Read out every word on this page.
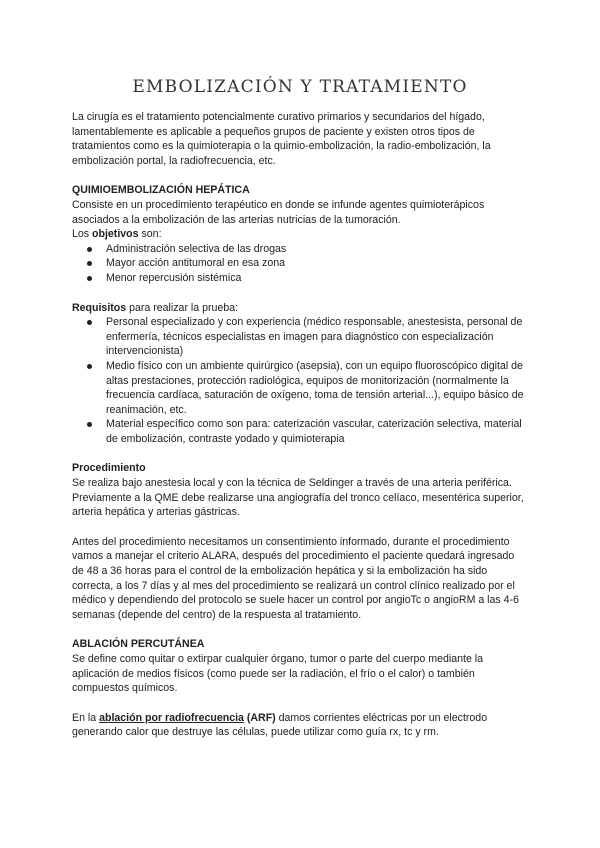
EMBOLIZACIÓN Y TRATAMIENTO

La cirugía es el tratamiento potencialmente curativo primarios y secundarios del hígado, lamentablemente es aplicable a pequeños grupos de paciente y existen otros tipos de tratamientos como es la quimioterapia o la quimio-embolización, la radio-embolización, la embolización portal, la radiofrecuencia, etc.

QUIMIOEMBOLIZACIÓN HEPÁTICA

Consiste en un procedimiento terapéutico en donde se infunde agentes quimioterápicos asociados a la embolización de las arterias nutricias de la tumoración.

Los objetivos son:

Administración selectiva de las drogas
Mayor acción antitumoral en esa zona
Menor repercusión sistémica

Requisitos para realizar la prueba:

Personal especializado y con experiencia (médico responsable, anestesista, personal de enfermería, técnicos especialistas en imagen para diagnóstico con especialización intervencionista)
Medio físico con un ambiente quirúrgico (asepsia), con un equipo fluoroscópico digital de altas prestaciones, protección radiológica, equipos de monitorización (normalmente la frecuencia cardíaca, saturación de oxígeno, toma de tensión arterial...), equipo básico de reanimación, etc.
Material específico como son para: caterización vascular, caterización selectiva, material de embolización, contraste yodado y quimioterapia

Procedimiento

Se realiza bajo anestesia local y con la técnica de Seldinger a través de una arteria periférica.

Previamente a la QME debe realizarse una angiografía del tronco celíaco, mesentérica superior, arteria hepática y arterias gástricas.

Antes del procedimiento necesitamos un consentimiento informado, durante el procedimiento vamos a manejar el criterio ALARA, después del procedimiento el paciente quedará ingresado de 48 a 36 horas para el control de la embolización hepática y si la embolización ha sido correcta, a los 7 días y al mes del procedimiento se realizará un control clínico realizado por el médico y dependiendo del protocolo se suele hacer un control por angioTc o angioRM a las 4-6 semanas (depende del centro) de la respuesta al tratamiento.

ABLACIÓN PERCUTÁNEA

Se define como quitar o extirpar cualquier órgano, tumor o parte del cuerpo mediante la aplicación de medios físicos (como puede ser la radiación, el frío o el calor) o también compuestos químicos.

En la ablación por radiofrecuencia (ARF) damos corrientes eléctricas por un electrodo generando calor que destruye las células, puede utilizar como guía rx, tc y rm.
